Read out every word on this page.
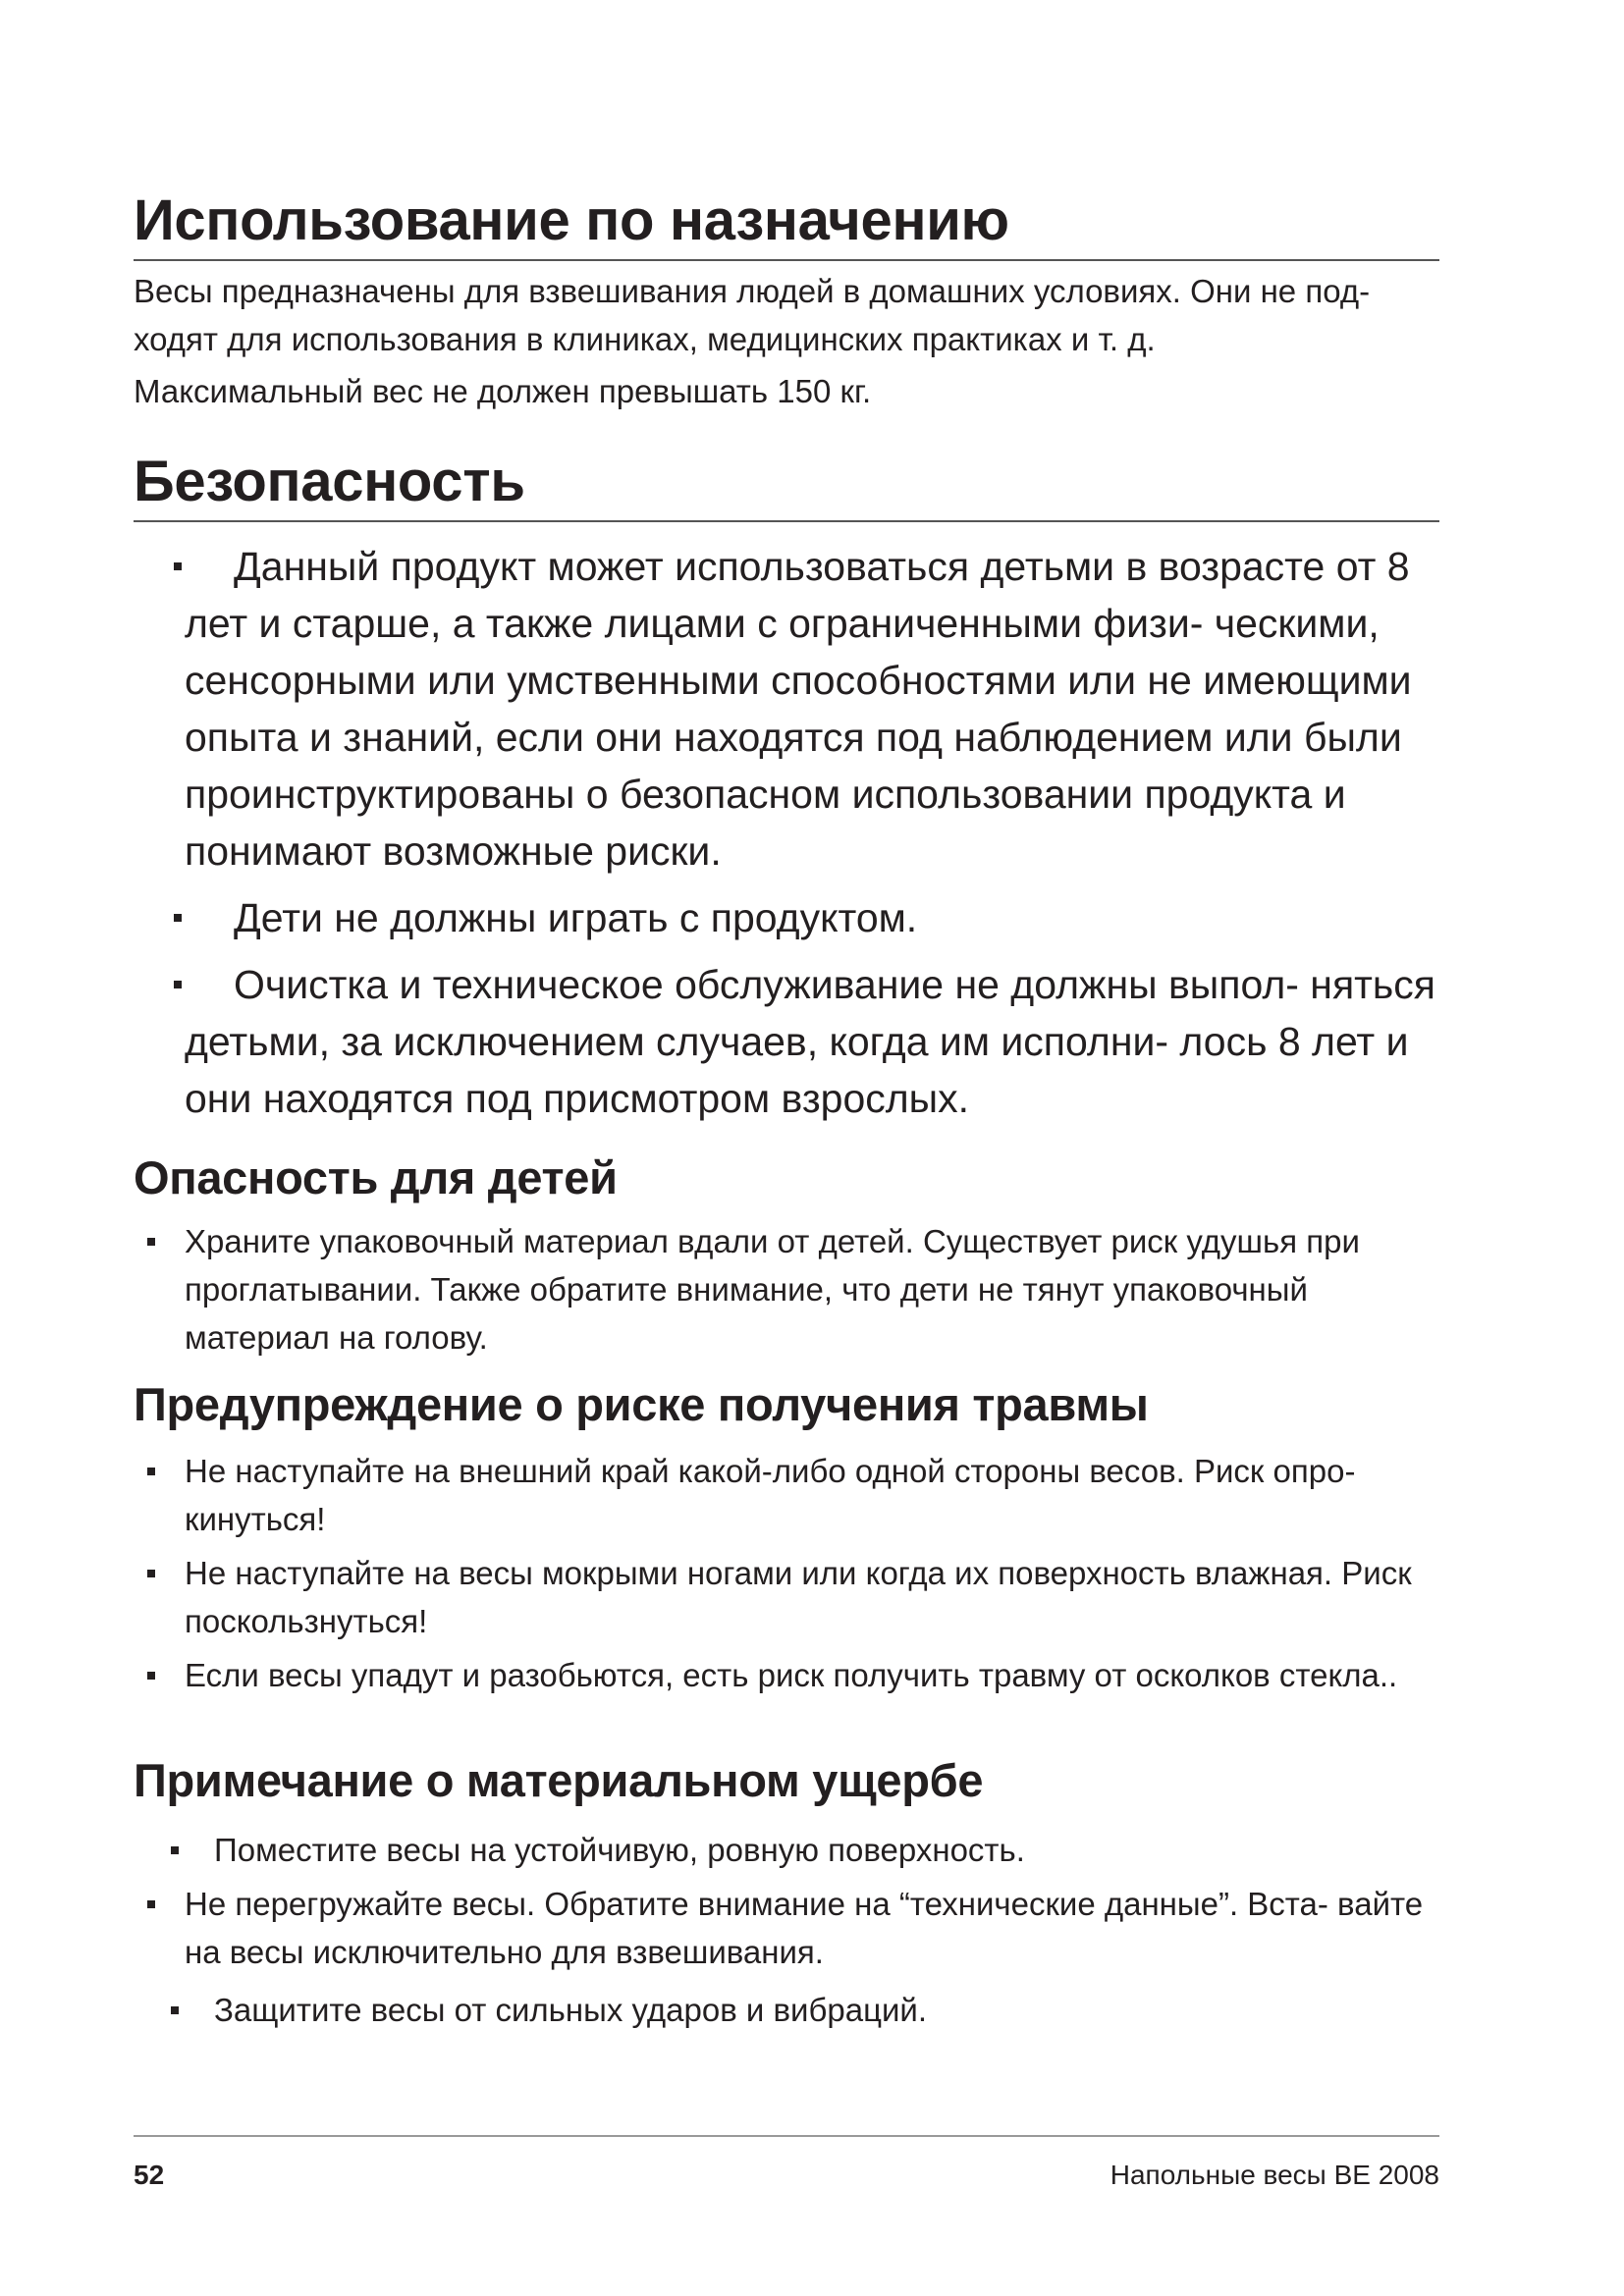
Использование по назначению

Весы предназначены для взвешивания людей в домашних условиях. Они не под- ходят для использования в клиниках, медицинских практиках и т. д.

Максимальный вес не должен превышать 150 кг.

Безопасность
Данный продукт может использоваться детьми в возрасте от 8 лет и старше, а также лицами с ограниченными физи- ческими, сенсорными или умственными способностями или не имеющими опыта и знаний, если они находятся под наблюдением или были проинструктированы о безопасном использовании продукта и понимают возможные риски.
Дети не должны играть с продуктом.
Очистка и техническое обслуживание не должны выпол- няться детьми, за исключением случаев, когда им исполни- лось 8 лет и они находятся под присмотром взрослых.
Опасность для детей
Храните упаковочный материал вдали от детей. Существует риск удушья при проглатывании. Также обратите внимание, что дети не тянут упаковочный материал на голову.
Предупреждение о риске получения травмы
Не наступайте на внешний край какой-либо одной стороны весов. Риск опро- кинуться!
Не наступайте на весы мокрыми ногами или когда их поверхность влажная. Риск поскользнуться!
Если весы упадут и разобьются, есть риск получить травму от осколков стекла..
Примечание о материальном ущербе
Поместите весы на устойчивую, ровную поверхность.
Не перегружайте весы. Обратите внимание на “технические данные”. Вста- вайте на весы исключительно для взвешивания.
Защитите весы от сильных ударов и вибраций.
52	Напольные весы BE 2008
